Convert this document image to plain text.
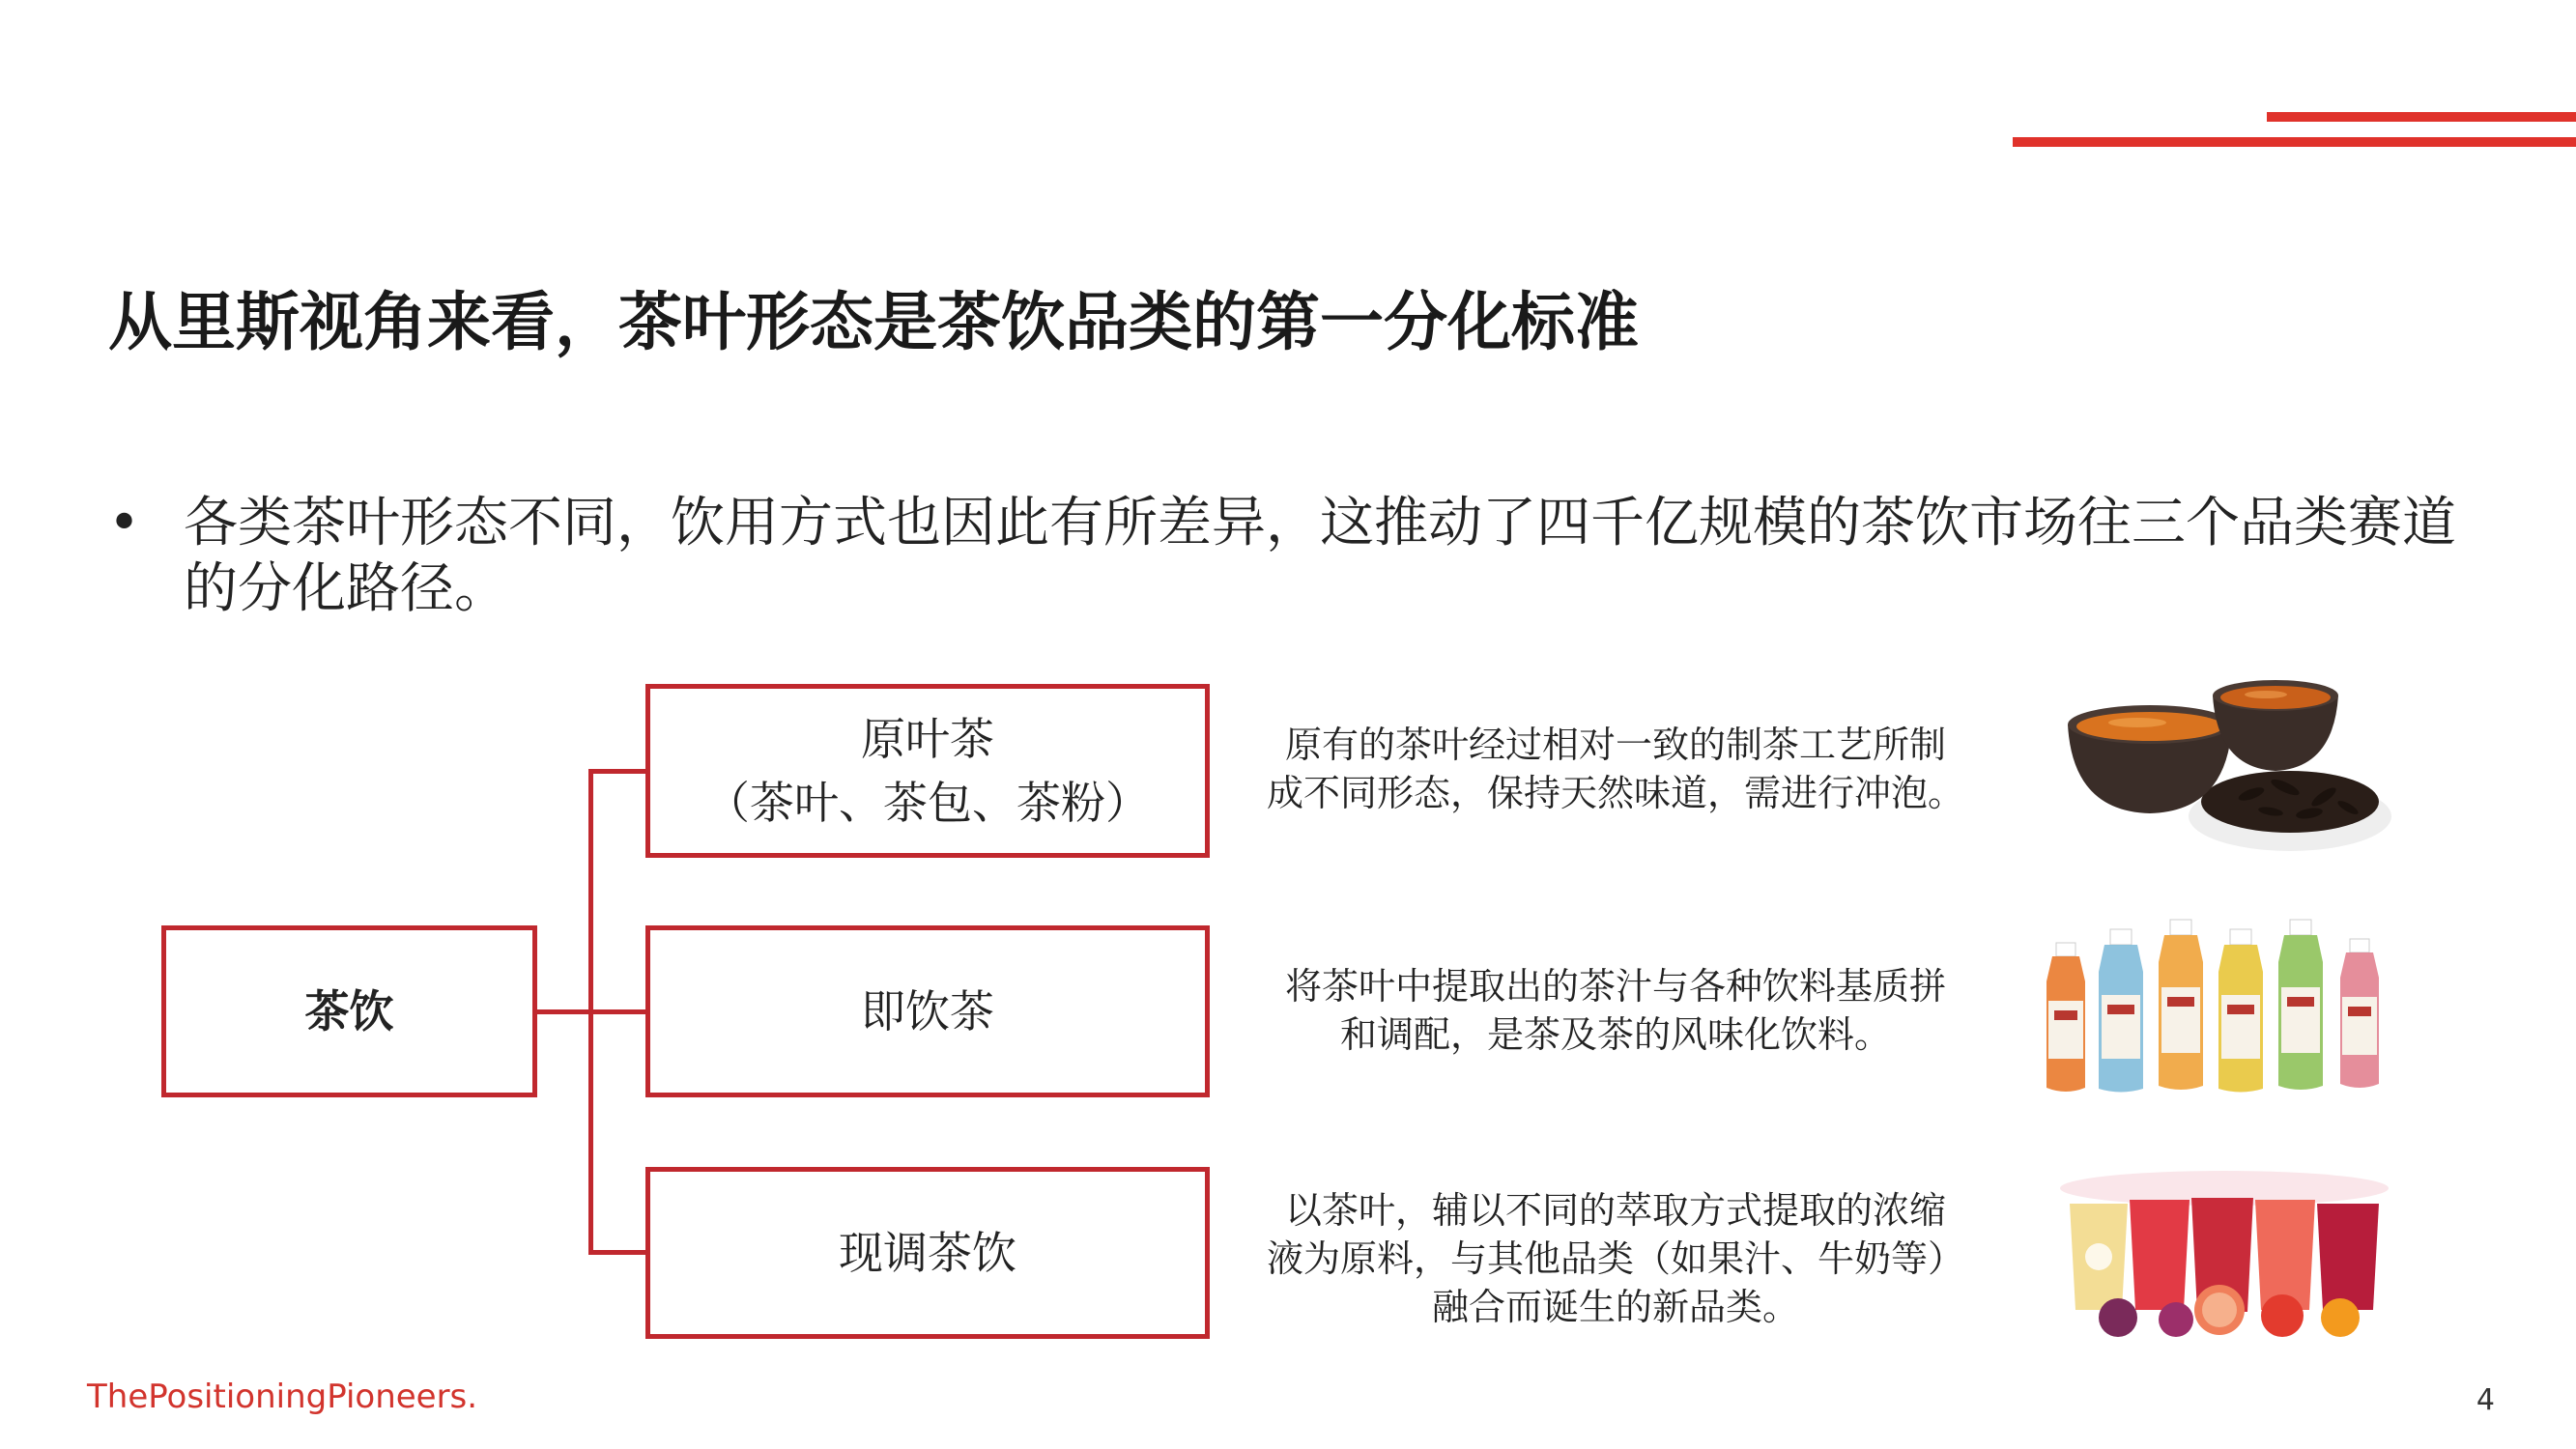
从里斯视角来看，茶叶形态是茶饮品类的第一分化标准
• 各类茶叶形态不同，饮用方式也因此有所差异，这推动了四千亿规模的茶饮市场往三个品类赛道的分化路径。
茶饮
原叶茶
（茶叶、茶包、茶粉）
即饮茶
现调茶饮
原有的茶叶经过相对一致的制茶工艺所制
成不同形态，保持天然味道，需进行冲泡。
将茶叶中提取出的茶汁与各种饮料基质拼
和调配，是茶及茶的风味化饮料。
以茶叶，辅以不同的萃取方式提取的浓缩
液为原料，与其他品类（如果汁、牛奶等）
融合而诞生的新品类。
ThePositioningPioneers.	4
